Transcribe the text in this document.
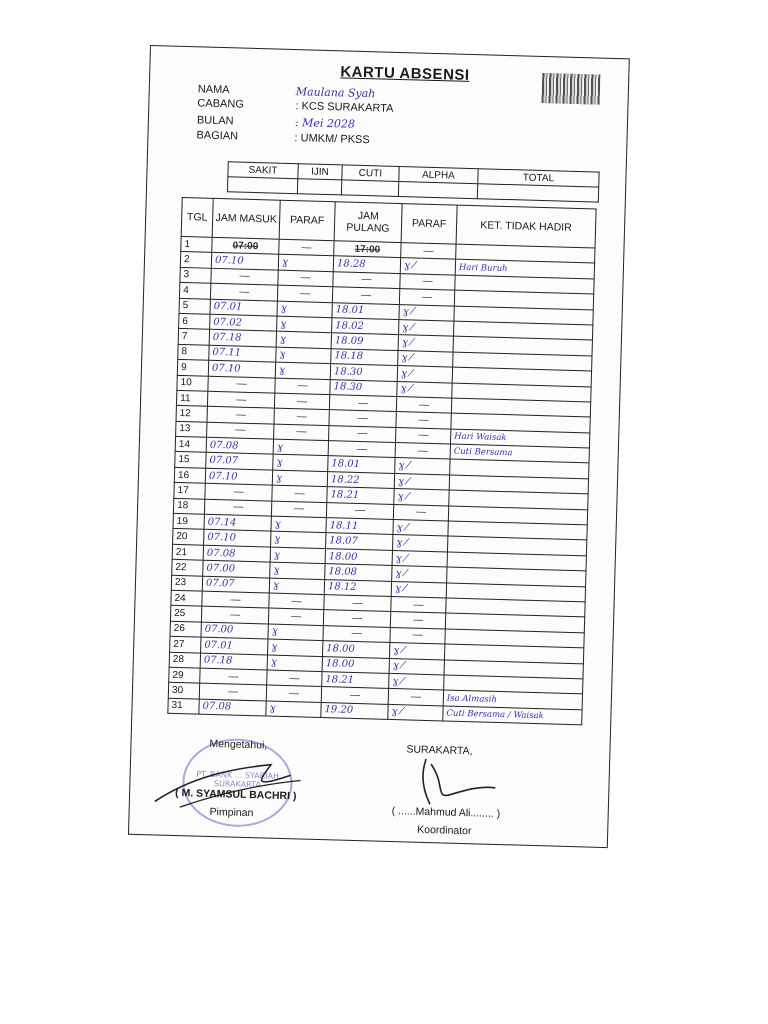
KARTU ABSENSI
NAMA	Maulana Syah
CABANG	: KCS SURAKARTA
BULAN	: Mei 2028
BAGIAN	: UMKM/ PKSS
SAKIT	IJIN	CUTI	ALPHA	TOTAL

TGL	JAM MASUK	PARAF	JAM PULANG	PARAF	KET. TIDAK HADIR
1	07:00	—	17:00	—	
2	07.10	ɣ	18.28	ɣ ⁄	Hari Buruh
3	—	—	—	—	
4	—	—	—	—	
5	07.01	ɣ	18.01	ɣ ⁄	
6	07.02	ɣ	18.02	ɣ ⁄	
7	07.18	ɣ	18.09	ɣ ⁄	
8	07.11	ɣ	18.18	ɣ ⁄	
9	07.10	ɣ	18.30	ɣ ⁄	
10	—	—	18.30	ɣ ⁄	
11	—	—	—	—	
12	—	—	—	—	
13	—	—	—	—	Hari Waisak
14	07.08	ɣ	—	—	Cuti Bersama
15	07.07	ɣ	18.01	ɣ ⁄	
16	07.10	ɣ	18.22	ɣ ⁄	
17	—	—	18.21	ɣ ⁄	
18	—	—	—	—	
19	07.14	ɣ	18.11	ɣ ⁄	
20	07.10	ɣ	18.07	ɣ ⁄	
21	07.08	ɣ	18.00	ɣ ⁄	
22	07.00	ɣ	18.08	ɣ ⁄	
23	07.07	ɣ	18.12	ɣ ⁄	
24	—	—	—	—	
25	—	—	—	—	
26	07.00	ɣ	—	—	
27	07.01	ɣ	18.00	ɣ ⁄	
28	07.18	ɣ	18.00	ɣ ⁄	
29	—	—	18.21	ɣ ⁄	
30	—	—	—	—	Isa Almasih
31	07.08	ɣ	19.20	ɣ ⁄	Cuti Bersama / Waisak
PT. BANK ... SYARIAH SURAKARTA
Mengetahui,
( M. SYAMSUL BACHRI )
Pimpinan
SURAKARTA,
( ......Mahmud Ali........ )
Koordinator
